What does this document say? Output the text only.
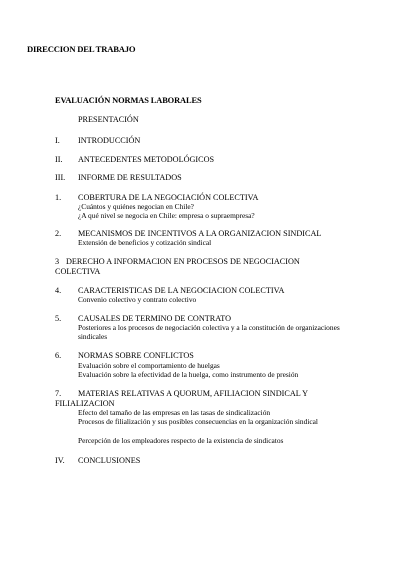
DIRECCION DEL TRABAJO
EVALUACIÓN NORMAS LABORALES
PRESENTACIÓN
I. INTRODUCCIÓN
II. ANTECEDENTES METODOLÓGICOS
III. INFORME DE RESULTADOS
1. COBERTURA DE LA NEGOCIACIÓN COLECTIVA
¿Cuántos y quiénes negocian en Chile?
¿A qué nivel se negocia en Chile: empresa o supraempresa?
2. MECANISMOS DE INCENTIVOS A LA ORGANIZACION SINDICAL
Extensión de beneficios y cotización sindical
3 DERECHO A INFORMACION EN PROCESOS DE NEGOCIACION COLECTIVA
4. CARACTERISTICAS DE LA NEGOCIACION COLECTIVA
Convenio colectivo y contrato colectivo
5. CAUSALES DE TERMINO DE CONTRATO
Posteriores a los procesos de negociación colectiva y a la constitución de organizaciones sindicales
6. NORMAS SOBRE CONFLICTOS
Evaluación sobre el comportamiento de huelgas
Evaluación sobre la efectividad de la huelga, como instrumento de presión
7.	MATERIAS RELATIVAS A QUORUM, AFILIACION SINDICAL Y FILIALIZACION
Efecto del tamaño de las empresas en las tasas de sindicalización
Procesos de filialización y sus posibles consecuencias en la organización sindical
Percepción de los empleadores respecto de la existencia de sindicatos
IV. CONCLUSIONES
